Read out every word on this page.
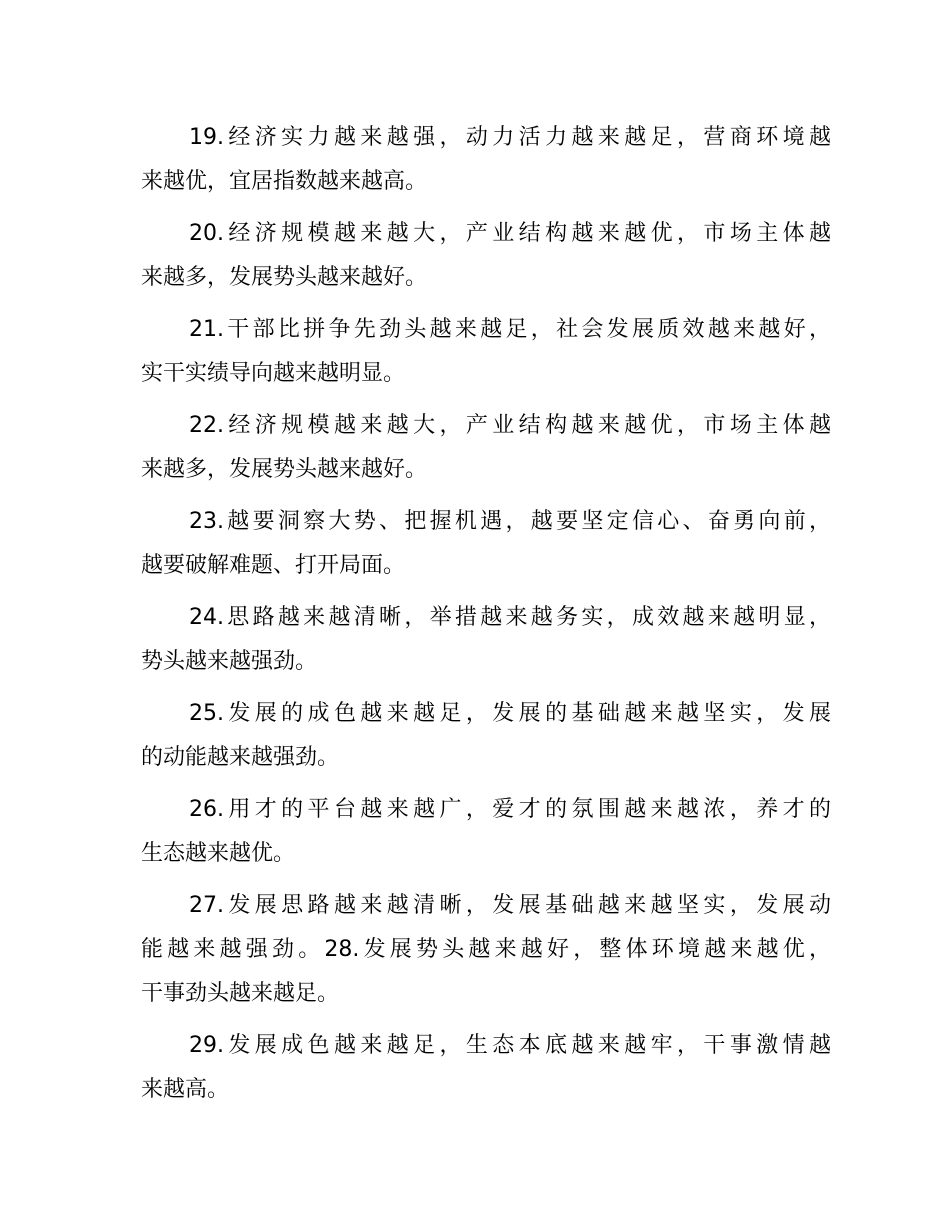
19.经济实力越来越强，动力活力越来越足，营商环境越
来越优，宜居指数越来越高。

20.经济规模越来越大，产业结构越来越优，市场主体越
来越多，发展势头越来越好。

21.干部比拼争先劲头越来越足，社会发展质效越来越好，
实干实绩导向越来越明显。

22.经济规模越来越大，产业结构越来越优，市场主体越
来越多，发展势头越来越好。

23.越要洞察大势、把握机遇，越要坚定信心、奋勇向前，
越要破解难题、打开局面。

24.思路越来越清晰，举措越来越务实，成效越来越明显，
势头越来越强劲。

25.发展的成色越来越足，发展的基础越来越坚实，发展
的动能越来越强劲。

26.用才的平台越来越广，爱才的氛围越来越浓，养才的
生态越来越优。

27.发展思路越来越清晰，发展基础越来越坚实，发展动
能越来越强劲。28.发展势头越来越好，整体环境越来越优，
干事劲头越来越足。

29.发展成色越来越足，生态本底越来越牢，干事激情越
来越高。
